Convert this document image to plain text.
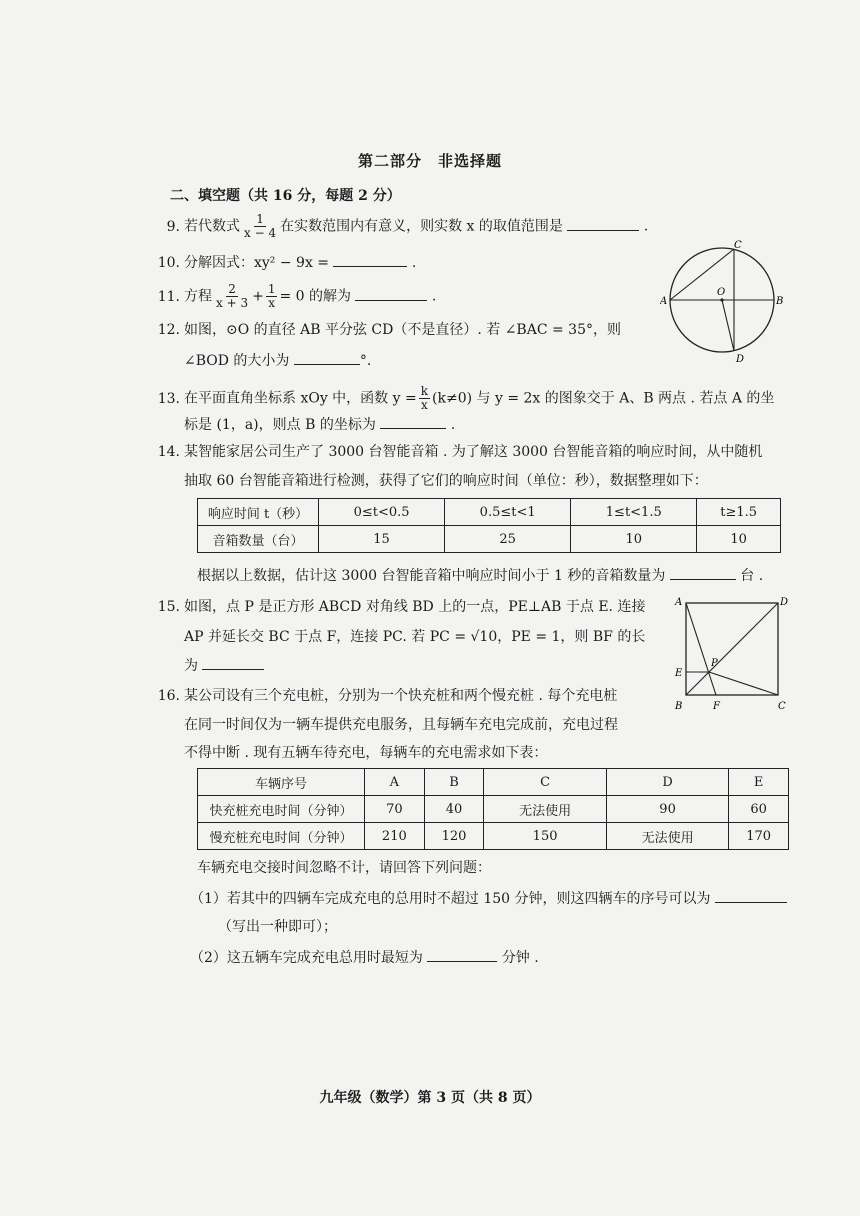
第二部分　非选择题
二、填空题（共 16 分，每题 2 分）
9. 若代数式 $\frac{1}{x - 4}$ 在实数范围内有意义，则实数 x 的取值范围是	.
10. 分解因式：xy² − 9x =	.
11. 方程 $\frac{2}{x + 3} + \frac{1}{x} = 0$ 的解为	.
12. 如图，⊙O 的直径 AB 平分弦 CD（不是直径）. 若 ∠BAC = 35°，则
∠BOD 的大小为	°.
A	B
C
D
O
13. 在平面直角坐标系 xOy 中，函数 $y = \frac{k}{x} (k\ne 0)$ 与 y = 2x 的图象交于 A、B 两点 . 若点 A 的坐
标是 (1，a)，则点 B 的坐标为	.
14. 某智能家居公司生产了 3000 台智能音箱 . 为了解这 3000 台智能音箱的响应时间，从中随机
抽取 60 台智能音箱进行检测，获得了它们的响应时间（单位：秒），数据整理如下：
响应时间 t（秒）	0≤t<0.5	0.5≤t<1	1≤t<1.5	t≥1.5
音箱数量（台）	15	25	10	10
根据以上数据，估计这 3000 台智能音箱中响应时间小于 1 秒的音箱数量为	台 .
15. 如图，点 P 是正方形 ABCD 对角线 BD 上的一点，PE⊥AB 于点 E. 连接
AP 并延长交 BC 于点 F，连接 PC. 若 PC = √10，PE = 1，则 BF 的长
为
A	D
B	C
E
F
P
16. 某公司设有三个充电桩，分别为一个快充桩和两个慢充桩 . 每个充电桩
在同一时间仅为一辆车提供充电服务，且每辆车充电完成前，充电过程
不得中断 . 现有五辆车待充电，每辆车的充电需求如下表：
车辆序号	A	B	C	D	E
快充桩充电时间（分钟）	70	40	无法使用	90	60
慢充桩充电时间（分钟）	210	120	150	无法使用	170
车辆充电交接时间忽略不计，请回答下列问题：
（1）若其中的四辆车完成充电的总用时不超过 150 分钟，则这四辆车的序号可以为
（写出一种即可）；
（2）这五辆车完成充电总用时最短为	分钟 .
九年级（数学）第 3 页（共 8 页）
